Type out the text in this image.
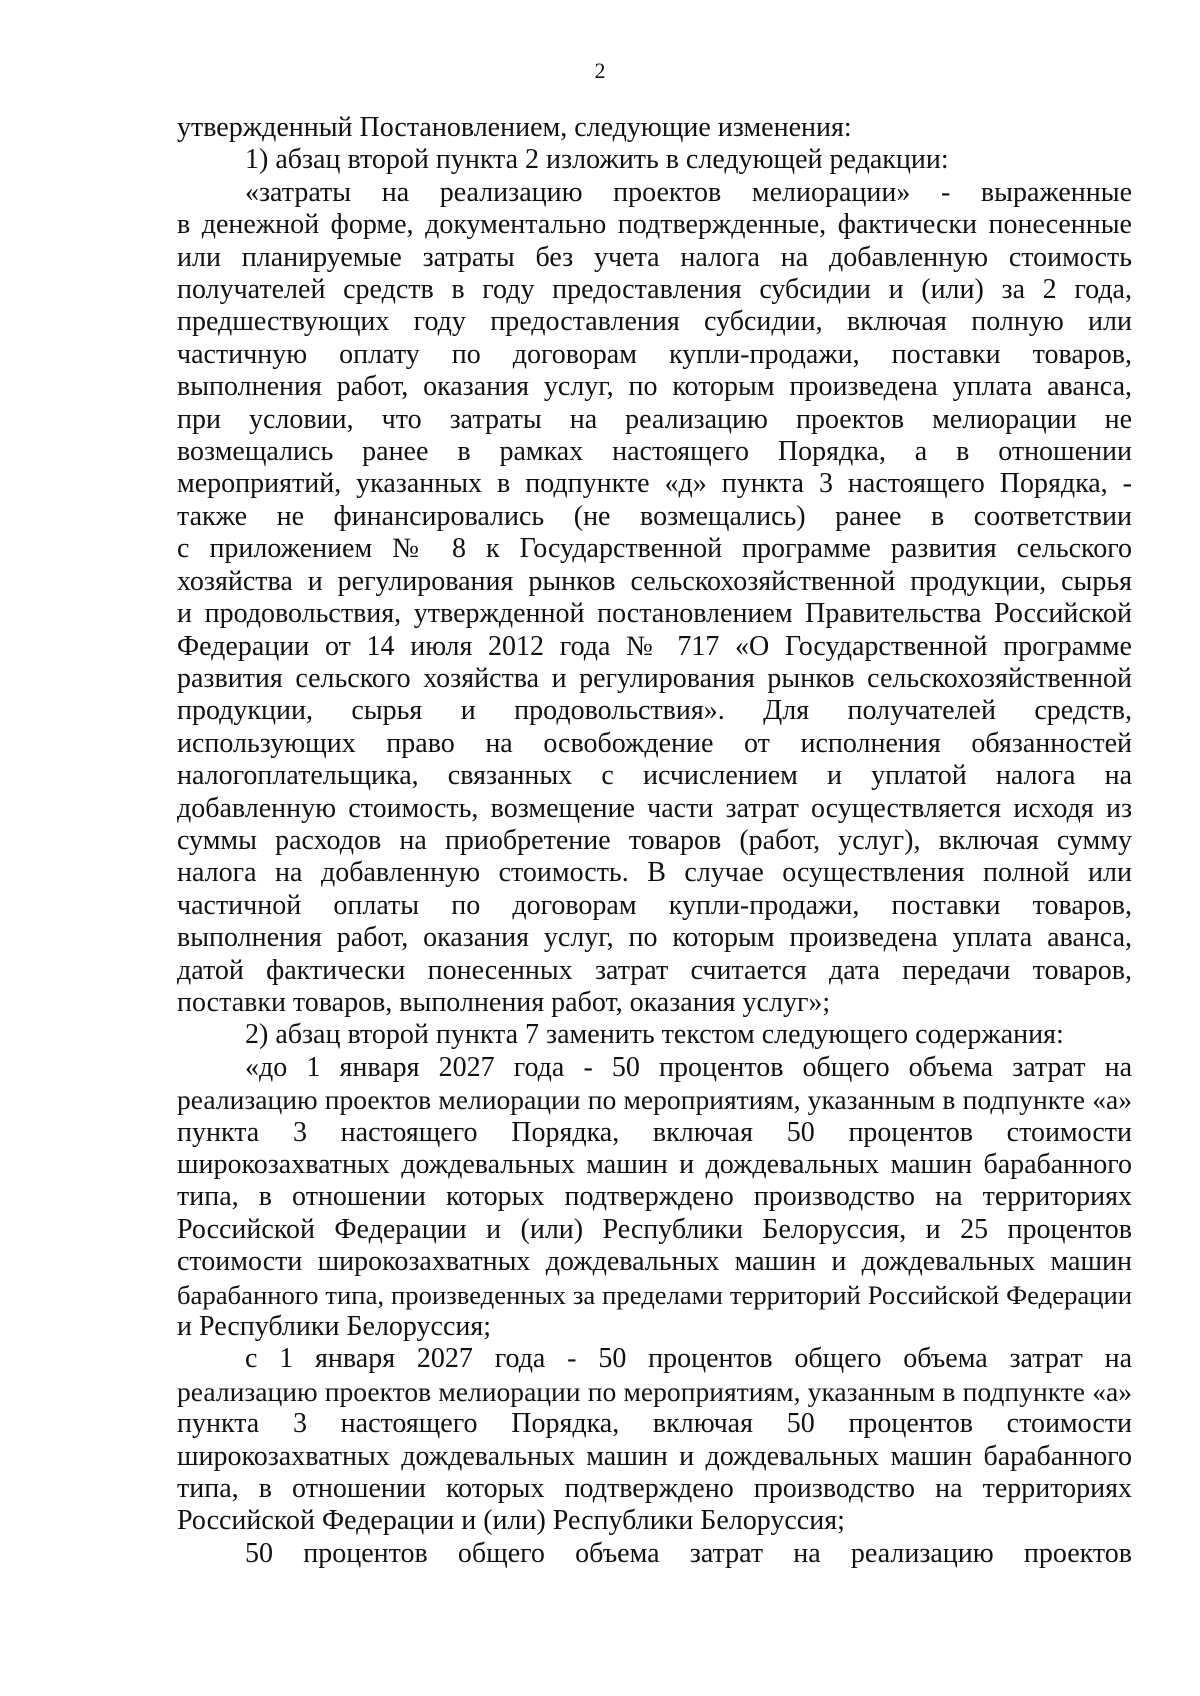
2

утвержденный Постановлением, следующие изменения:

1) абзац второй пункта 2 изложить в следующей редакции:

«затраты на реализацию проектов мелиорации» - выраженные

в денежной форме, документально подтвержденные, фактически понесенные

или планируемые затраты без учета налога на добавленную стоимость

получателей средств в году предоставления субсидии и (или) за 2 года,

предшествующих году предоставления субсидии, включая полную или

частичную оплату по договорам купли-продажи, поставки товаров,

выполнения работ, оказания услуг, по которым произведена уплата аванса,

при условии, что затраты на реализацию проектов мелиорации не

возмещались ранее в рамках настоящего Порядка, а в отношении

мероприятий, указанных в подпункте «д» пункта 3 настоящего Порядка, -

также не финансировались (не возмещались) ранее в соответствии

с приложением № 8 к Государственной программе развития сельского

хозяйства и регулирования рынков сельскохозяйственной продукции, сырья

и продовольствия, утвержденной постановлением Правительства Российской

Федерации от 14 июля 2012 года № 717 «О Государственной программе

развития сельского хозяйства и регулирования рынков сельскохозяйственной

продукции, сырья и продовольствия». Для получателей средств,

использующих право на освобождение от исполнения обязанностей

налогоплательщика, связанных с исчислением и уплатой налога на

добавленную стоимость, возмещение части затрат осуществляется исходя из

суммы расходов на приобретение товаров (работ, услуг), включая сумму

налога на добавленную стоимость. В случае осуществления полной или

частичной оплаты по договорам купли-продажи, поставки товаров,

выполнения работ, оказания услуг, по которым произведена уплата аванса,

датой фактически понесенных затрат считается дата передачи товаров,

поставки товаров, выполнения работ, оказания услуг»;

2) абзац второй пункта 7 заменить текстом следующего содержания:

«до 1 января 2027 года - 50 процентов общего объема затрат на

реализацию проектов мелиорации по мероприятиям, указанным в подпункте «а»

пункта 3 настоящего Порядка, включая 50 процентов стоимости

широкозахватных дождевальных машин и дождевальных машин барабанного

типа, в отношении которых подтверждено производство на территориях

Российской Федерации и (или) Республики Белоруссия, и 25 процентов

стоимости широкозахватных дождевальных машин и дождевальных машин

барабанного типа, произведенных за пределами территорий Российской Федерации

и Республики Белоруссия;

с 1 января 2027 года - 50 процентов общего объема затрат на

реализацию проектов мелиорации по мероприятиям, указанным в подпункте «а»

пункта 3 настоящего Порядка, включая 50 процентов стоимости

широкозахватных дождевальных машин и дождевальных машин барабанного

типа, в отношении которых подтверждено производство на территориях

Российской Федерации и (или) Республики Белоруссия;

50 процентов общего объема затрат на реализацию проектов
